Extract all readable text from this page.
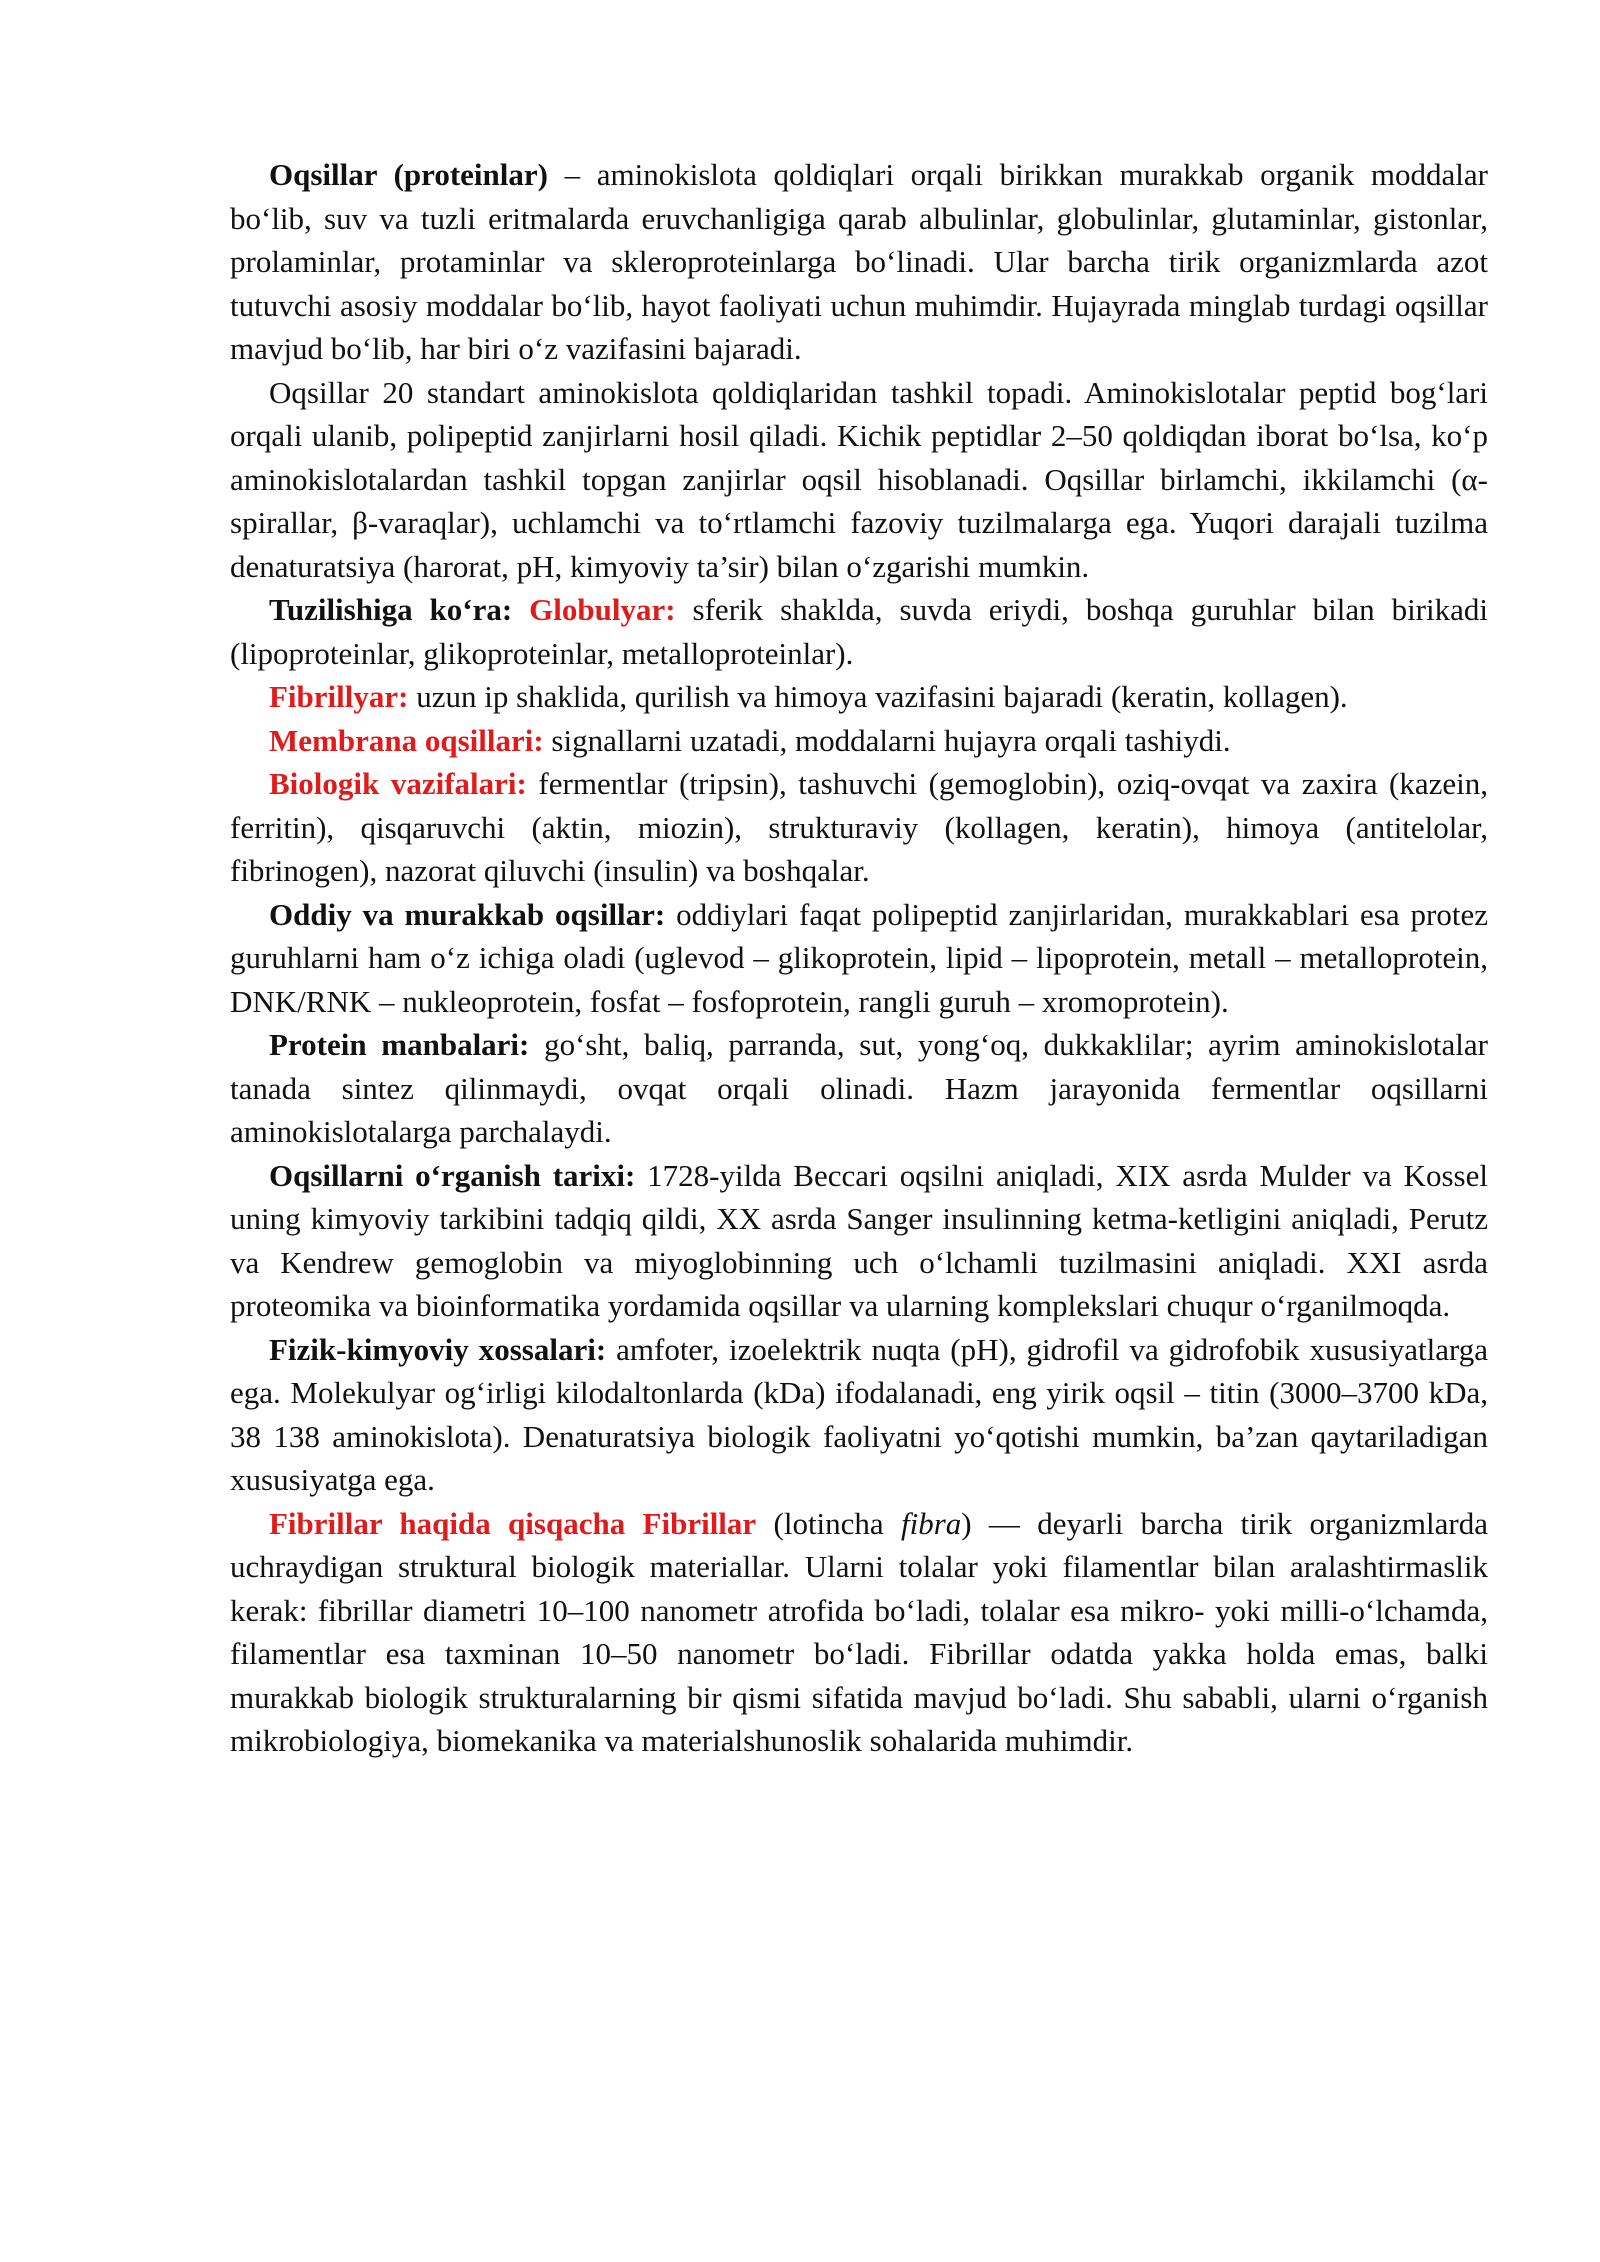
Oqsillar (proteinlar) – aminokislota qoldiqlari orqali birikkan murakkab organik moddalar bo‘lib, suv va tuzli eritmalarda eruvchanligiga qarab albulinlar, globulinlar, glutaminlar, gistonlar, prolaminlar, protaminlar va skleroproteinlarga bo‘linadi. Ular barcha tirik organizmlarda azot tutuvchi asosiy moddalar bo‘lib, hayot faoliyati uchun muhimdir. Hujayrada minglab turdagi oqsillar mavjud bo‘lib, har biri o‘z vazifasini bajaradi.

Oqsillar 20 standart aminokislota qoldiqlaridan tashkil topadi. Aminokislotalar peptid bog‘lari orqali ulanib, polipeptid zanjirlarni hosil qiladi. Kichik peptidlar 2–50 qoldiqdan iborat bo‘lsa, ko‘p aminokislotalardan tashkil topgan zanjirlar oqsil hisoblanadi. Oqsillar birlamchi, ikkilamchi (α-spirallar, β-varaqlar), uchlamchi va to‘rtlamchi fazoviy tuzilmalarga ega. Yuqori darajali tuzilma denaturatsiya (harorat, pH, kimyoviy ta’sir) bilan o‘zgarishi mumkin.

Tuzilishiga ko‘ra: Globulyar: sferik shaklda, suvda eriydi, boshqa guruhlar bilan birikadi (lipoproteinlar, glikoproteinlar, metalloproteinlar).

Fibrillyar: uzun ip shaklida, qurilish va himoya vazifasini bajaradi (keratin, kollagen).

Membrana oqsillari: signallarni uzatadi, moddalarni hujayra orqali tashiydi.

Biologik vazifalari: fermentlar (tripsin), tashuvchi (gemoglobin), oziq-ovqat va zaxira (kazein, ferritin), qisqaruvchi (aktin, miozin), strukturaviy (kollagen, keratin), himoya (antitelolar, fibrinogen), nazorat qiluvchi (insulin) va boshqalar.

Oddiy va murakkab oqsillar: oddiylari faqat polipeptid zanjirlaridan, murakkablari esa protez guruhlarni ham o‘z ichiga oladi (uglevod – glikoprotein, lipid – lipoprotein, metall – metalloprotein, DNK/RNK – nukleoprotein, fosfat – fosfoprotein, rangli guruh – xromoprotein).

Protein manbalari: go‘sht, baliq, parranda, sut, yong‘oq, dukkaklilar; ayrim aminokislotalar tanada sintez qilinmaydi, ovqat orqali olinadi. Hazm jarayonida fermentlar oqsillarni aminokislotalarga parchalaydi.

Oqsillarni o‘rganish tarixi: 1728-yilda Beccari oqsilni aniqladi, XIX asrda Mulder va Kossel uning kimyoviy tarkibini tadqiq qildi, XX asrda Sanger insulinning ketma-ketligini aniqladi, Perutz va Kendrew gemoglobin va miyoglobinning uch o‘lchamli tuzilmasini aniqladi. XXI asrda proteomika va bioinformatika yordamida oqsillar va ularning komplekslari chuqur o‘rganilmoqda.

Fizik-kimyoviy xossalari: amfoter, izoelektrik nuqta (pH), gidrofil va gidrofobik xususiyatlarga ega. Molekulyar og‘irligi kilodaltonlarda (kDa) ifodalanadi, eng yirik oqsil – titin (3000–3700 kDa, 38 138 aminokislota). Denaturatsiya biologik faoliyatni yo‘qotishi mumkin, ba’zan qaytariladigan xususiyatga ega.

Fibrillar haqida qisqacha Fibrillar (lotincha fibra) — deyarli barcha tirik organizmlarda uchraydigan struktural biologik materiallar. Ularni tolalar yoki filamentlar bilan aralashtirmaslik kerak: fibrillar diametri 10–100 nanometr atrofida bo‘ladi, tolalar esa mikro- yoki milli-o‘lchamda, filamentlar esa taxminan 10–50 nanometr bo‘ladi. Fibrillar odatda yakka holda emas, balki murakkab biologik strukturalarning bir qismi sifatida mavjud bo‘ladi. Shu sababli, ularni o‘rganish mikrobiologiya, biomekanika va materialshunoslik sohalarida muhimdir.
